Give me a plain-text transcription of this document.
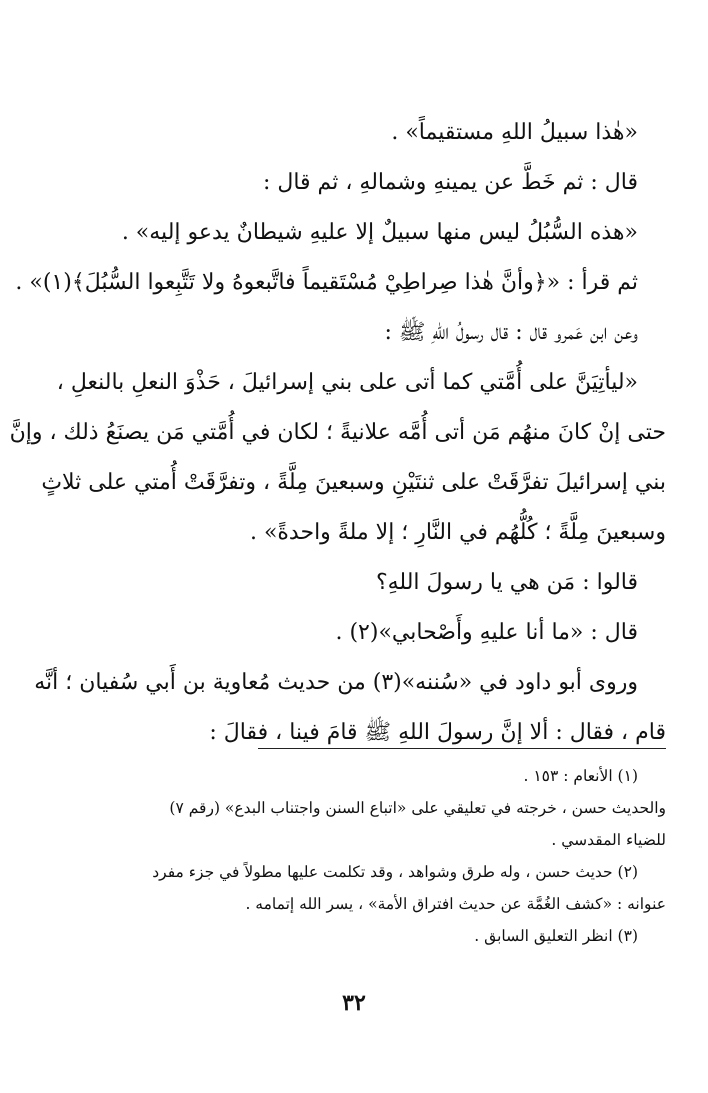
«هٰذا سبيلُ اللهِ مستقيماً» .
قال : ثم خَطَّ عن يمينهِ وشمالهِ ، ثم قال :
«هذه السُّبُلُ ليس منها سبيلٌ إلا عليهِ شيطانٌ يدعو إليه» .
ثم قرأ : «﴿وأنَّ هٰذا صِراطِيْ مُسْتَقيماً فاتَّبعوهُ ولا تَتَّبِعوا السُّبُلَ﴾(١)» .
وعن ابن عَمرو قال : قال رسولُ اللهِ ﷺ :
«ليأتِيَنَّ على أُمَّتي كما أتى على بني إسرائيلَ ، حَذْوَ النعلِ بالنعلِ ،
حتى إنْ كانَ منهُم مَن أتى أُمَّه علانيةً ؛ لكان في أُمَّتي مَن يصنَعُ ذلك ، وإنَّ
بني إسرائيلَ تفرَّقَتْ على ثنتَيْنِ وسبعينَ مِلَّةً ، وتفرَّقَتْ أُمتي على ثلاثٍ
وسبعينَ مِلَّةً ؛ كُلُّهُم في النَّارِ ؛ إلا ملةً واحدةً» .
قالوا : مَن هي يا رسولَ اللهِ؟
قال : «ما أنا عليهِ وأَصْحابي»(٢) .
وروى أبو داود في «سُننه»(٣) من حديث مُعاوية بن أَبي سُفيان ؛ أنَّه
قام ، فقال : ألا إنَّ رسولَ اللهِ ﷺ قامَ فينا ، فقالَ :
(١) الأنعام : ١٥٣ .
والحديث حسن ، خرجته في تعليقي على «اتباع السنن واجتناب البدع» (رقم ٧)
للضياء المقدسي .
(٢) حديث حسن ، وله طرق وشواهد ، وقد تكلمت عليها مطولاً في جزء مفرد
عنوانه : «كشف الغُمَّة عن حديث افتراق الأمة» ، يسر الله إتمامه .
(٣) انظر التعليق السابق .
٣٢
